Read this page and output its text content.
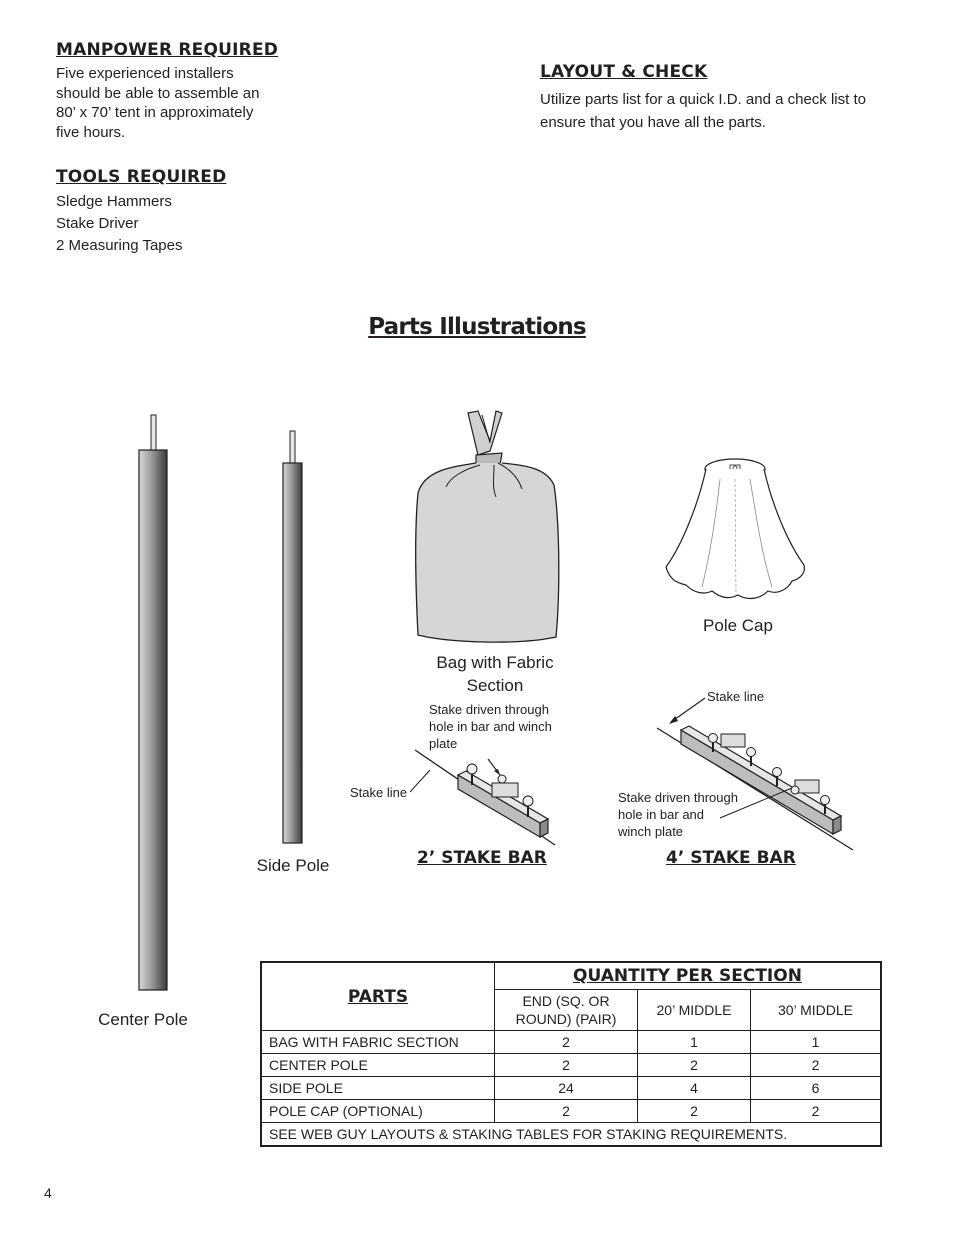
MANPOWER REQUIRED
Five experienced installers
should be able to assemble an
80’ x 70’ tent in approximately
five hours.
LAYOUT & CHECK
Utilize parts list for a quick I.D. and a check list to
ensure that you have all the parts.
TOOLS REQUIRED
Sledge Hammers
Stake Driver
2 Measuring Tapes
Parts Illustrations
Center Pole
Side Pole
Bag with Fabric
Section
Pole Cap
Stake driven through
hole in bar and winch
plate
Stake line
2’ STAKE BAR
Stake line
Stake driven through
hole in bar and
winch plate
4’ STAKE BAR
PARTS	QUANTITY PER SECTION		

	END (SQ. OR
ROUND) (PAIR)	20’ MIDDLE	30’ MIDDLE
BAG WITH FABRIC SECTION	2	1	1
CENTER POLE	2	2	2
SIDE POLE	24	4	6
POLE CAP (OPTIONAL)	2	2	2
SEE WEB GUY LAYOUTS & STAKING TABLES FOR STAKING REQUIREMENTS.			
4
